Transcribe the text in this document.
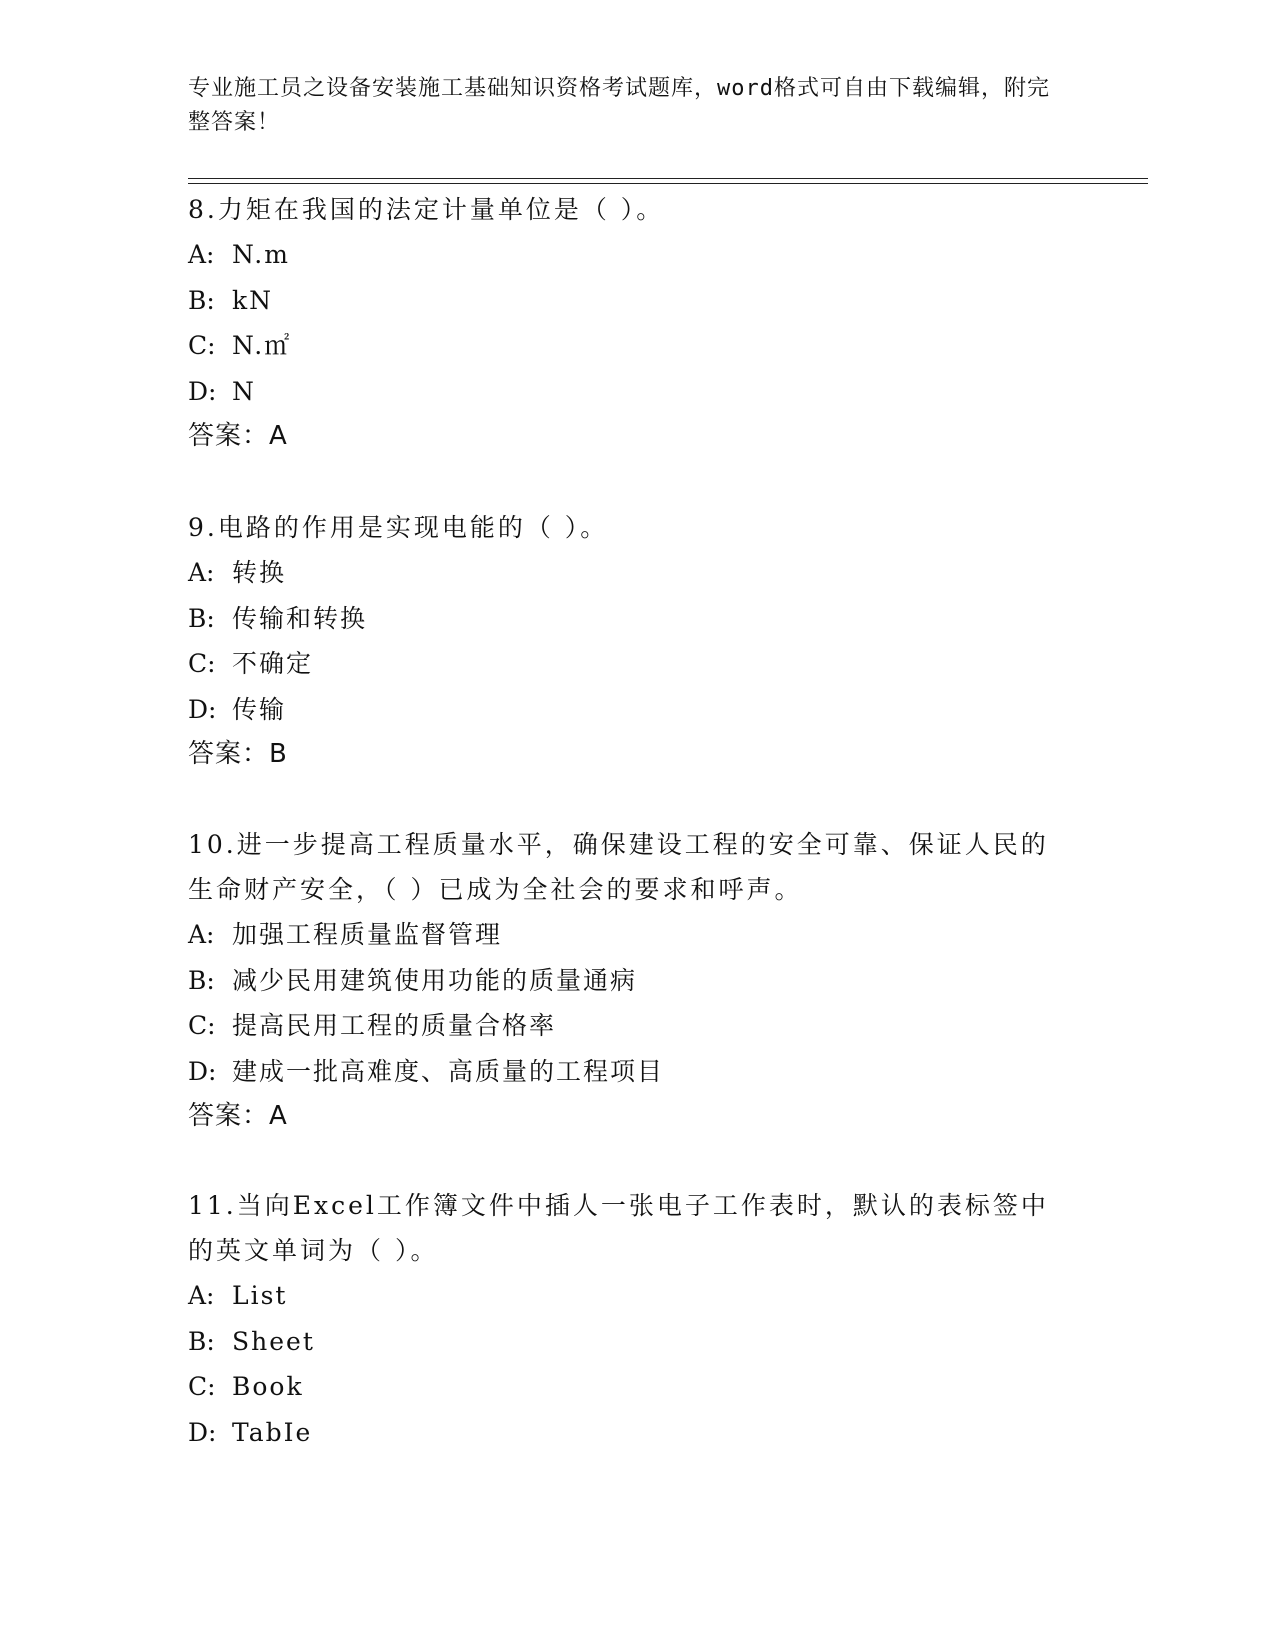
专业施工员之设备安装施工基础知识资格考试题库，word格式可自由下载编辑，附完整答案！
8.力矩在我国的法定计量单位是（ ）。
A: N.m
B: kN
C: N.㎡
D: N
答案：A
9.电路的作用是实现电能的（ ）。
A: 转换
B: 传输和转换
C: 不确定
D: 传输
答案：B
10.进一步提高工程质量水平，确保建设工程的安全可靠、保证人民的生命财产安全，（ ）已成为全社会的要求和呼声。
A: 加强工程质量监督管理
B: 减少民用建筑使用功能的质量通病
C: 提高民用工程的质量合格率
D: 建成一批高难度、高质量的工程项目
答案：A
11.当向Excel工作簿文件中插人一张电子工作表时，默认的表标签中的英文单词为（ ）。
A: List
B: Sheet
C: Book
D: TabIe
